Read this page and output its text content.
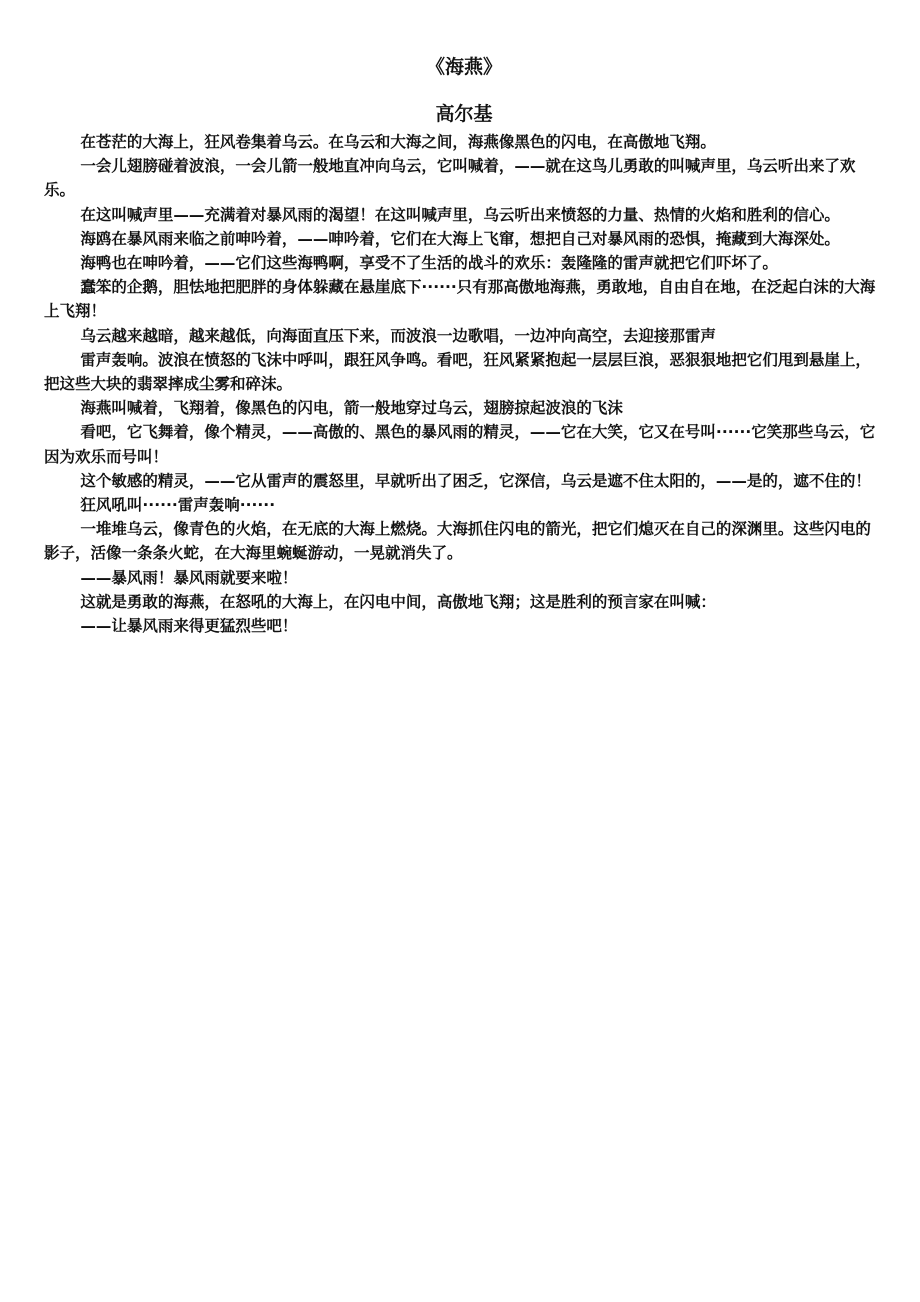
《海燕》
高尔基

在苍茫的大海上，狂风卷集着乌云。在乌云和大海之间，海燕像黑色的闪电，在高傲地飞翔。

一会儿翅膀碰着波浪，一会儿箭一般地直冲向乌云，它叫喊着，——就在这鸟儿勇敢的叫喊声里，乌云听出来了欢乐。

在这叫喊声里——充满着对暴风雨的渴望！在这叫喊声里，乌云听出来愤怒的力量、热情的火焰和胜利的信心。

海鸥在暴风雨来临之前呻吟着，——呻吟着，它们在大海上飞窜，想把自己对暴风雨的恐惧，掩藏到大海深处。

海鸭也在呻吟着，——它们这些海鸭啊，享受不了生活的战斗的欢乐：轰隆隆的雷声就把它们吓坏了。

蠢笨的企鹅，胆怯地把肥胖的身体躲藏在悬崖底下······只有那高傲地海燕，勇敢地，自由自在地，在泛起白沫的大海上飞翔！

乌云越来越暗，越来越低，向海面直压下来，而波浪一边歌唱，一边冲向高空，去迎接那雷声

雷声轰响。波浪在愤怒的飞沫中呼叫，跟狂风争鸣。看吧，狂风紧紧抱起一层层巨浪，恶狠狠地把它们甩到悬崖上，把这些大块的翡翠摔成尘雾和碎沫。

海燕叫喊着，飞翔着，像黑色的闪电，箭一般地穿过乌云，翅膀掠起波浪的飞沫

看吧，它飞舞着，像个精灵，——高傲的、黑色的暴风雨的精灵，——它在大笑，它又在号叫······它笑那些乌云，它因为欢乐而号叫！

这个敏感的精灵，——它从雷声的震怒里，早就听出了困乏，它深信，乌云是遮不住太阳的，——是的，遮不住的！

狂风吼叫······雷声轰响······

一堆堆乌云，像青色的火焰，在无底的大海上燃烧。大海抓住闪电的箭光，把它们熄灭在自己的深渊里。这些闪电的影子，活像一条条火蛇，在大海里蜿蜒游动，一晃就消失了。

——暴风雨！暴风雨就要来啦！

这就是勇敢的海燕，在怒吼的大海上，在闪电中间，高傲地飞翔；这是胜利的预言家在叫喊：

——让暴风雨来得更猛烈些吧！
